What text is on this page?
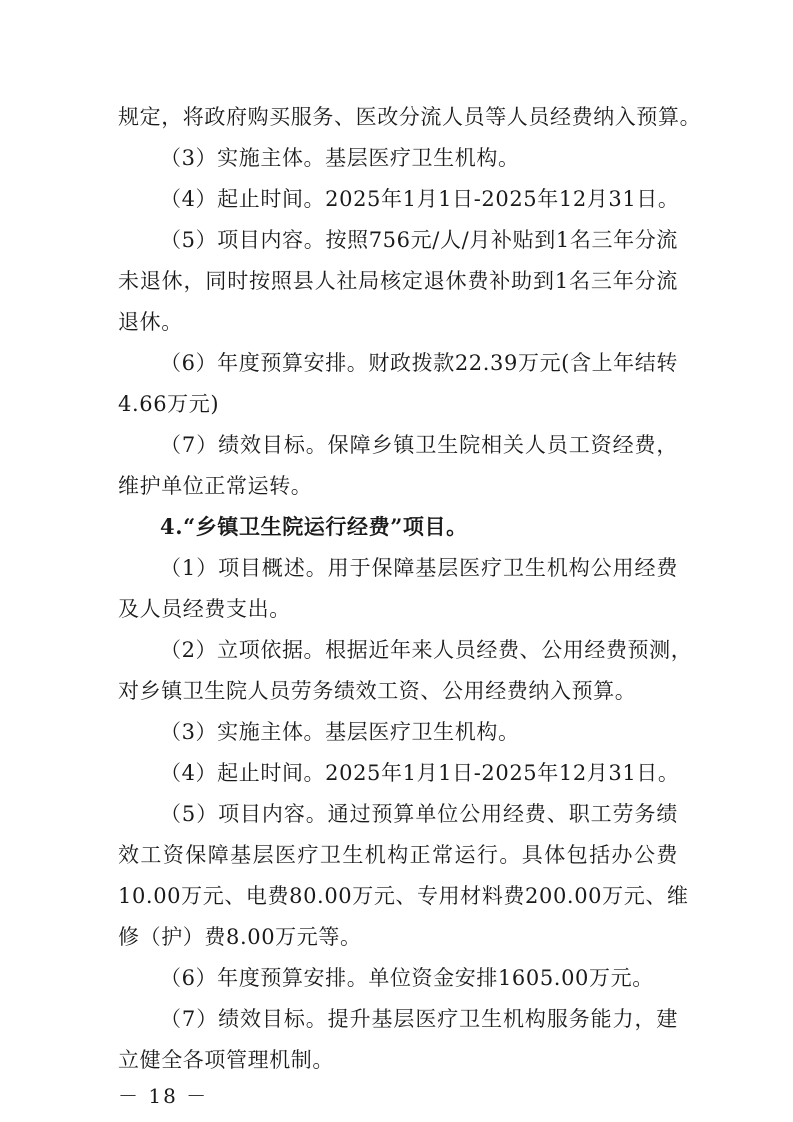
规定，将政府购买服务、医改分流人员等人员经费纳入预算。
（3）实施主体。基层医疗卫生机构。
（4）起止时间。2025年1月1日-2025年12月31日。
（5）项目内容。按照756元/人/月补贴到1名三年分流
未退休，同时按照县人社局核定退休费补助到1名三年分流
退休。
（6）年度预算安排。财政拨款22.39万元(含上年结转
4.66万元)
（7）绩效目标。保障乡镇卫生院相关人员工资经费，
维护单位正常运转。
4.“乡镇卫生院运行经费”项目。
（1）项目概述。用于保障基层医疗卫生机构公用经费
及人员经费支出。
（2）立项依据。根据近年来人员经费、公用经费预测，
对乡镇卫生院人员劳务绩效工资、公用经费纳入预算。
（3）实施主体。基层医疗卫生机构。
（4）起止时间。2025年1月1日-2025年12月31日。
（5）项目内容。通过预算单位公用经费、职工劳务绩
效工资保障基层医疗卫生机构正常运行。具体包括办公费
10.00万元、电费80.00万元、专用材料费200.00万元、维
修（护）费8.00万元等。
（6）年度预算安排。单位资金安排1605.00万元。
（7）绩效目标。提升基层医疗卫生机构服务能力，建
立健全各项管理机制。
－ 18 －
